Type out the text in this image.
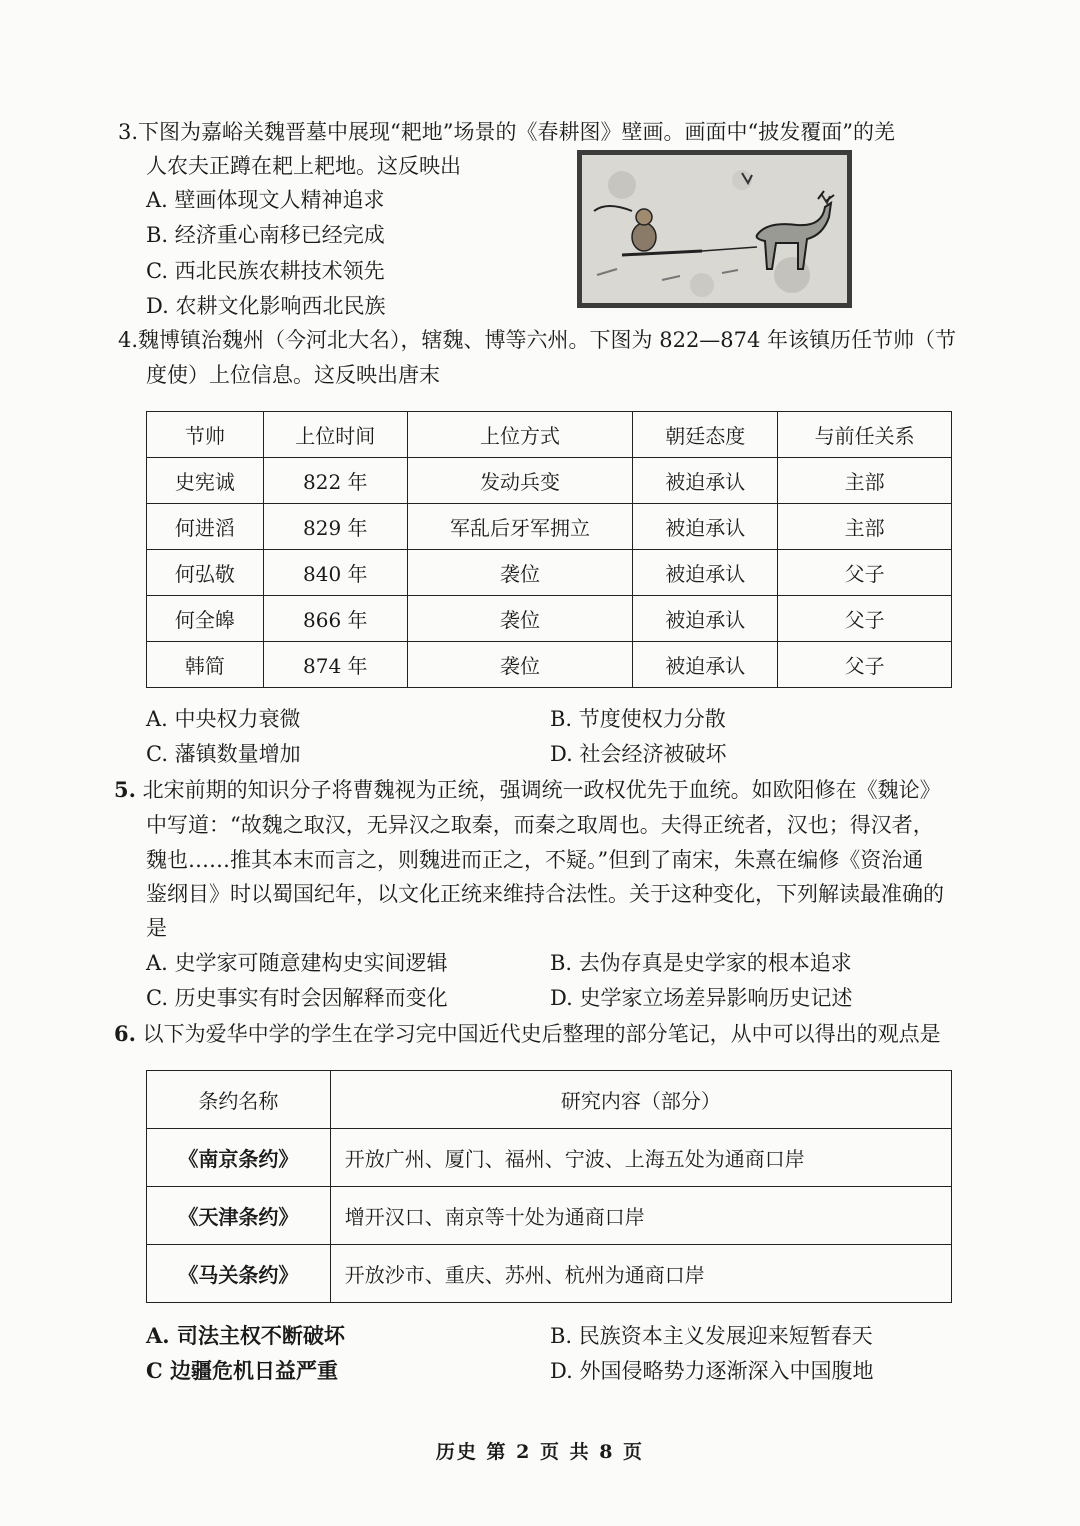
3.下图为嘉峪关魏晋墓中展现“耙地”场景的《春耕图》壁画。画面中“披发覆面”的羌
人农夫正蹲在耙上耙地。这反映出
A. 壁画体现文人精神追求
B. 经济重心南移已经完成
C. 西北民族农耕技术领先
D. 农耕文化影响西北民族
4.魏博镇治魏州（今河北大名），辖魏、博等六州。下图为 822—874 年该镇历任节帅（节
度使）上位信息。这反映出唐末
节帅	上位时间	上位方式	朝廷态度	与前任关系
史宪诚	822 年	发动兵变	被迫承认	主部
何进滔	829 年	军乱后牙军拥立	被迫承认	主部
何弘敬	840 年	袭位	被迫承认	父子
何全皞	866 年	袭位	被迫承认	父子
韩简	874 年	袭位	被迫承认	父子
A. 中央权力衰微	B. 节度使权力分散
C. 藩镇数量增加	D. 社会经济被破坏
5. 北宋前期的知识分子将曹魏视为正统，强调统一政权优先于血统。如欧阳修在《魏论》
中写道：“故魏之取汉，无异汉之取秦，而秦之取周也。夫得正统者，汉也；得汉者，
魏也……推其本末而言之，则魏进而正之，不疑。”但到了南宋，朱熹在编修《资治通
鉴纲目》时以蜀国纪年，以文化正统来维持合法性。关于这种变化，下列解读最准确的
是
A. 史学家可随意建构史实间逻辑	B. 去伪存真是史学家的根本追求
C. 历史事实有时会因解释而变化	D. 史学家立场差异影响历史记述
6. 以下为爱华中学的学生在学习完中国近代史后整理的部分笔记，从中可以得出的观点是
条约名称	研究内容（部分）
《南京条约》	开放广州、厦门、福州、宁波、上海五处为通商口岸
《天津条约》	增开汉口、南京等十处为通商口岸
《马关条约》	开放沙市、重庆、苏州、杭州为通商口岸
A. 司法主权不断破坏	B. 民族资本主义发展迎来短暂春天
C 边疆危机日益严重	D. 外国侵略势力逐渐深入中国腹地
历史 第 2 页 共 8 页
